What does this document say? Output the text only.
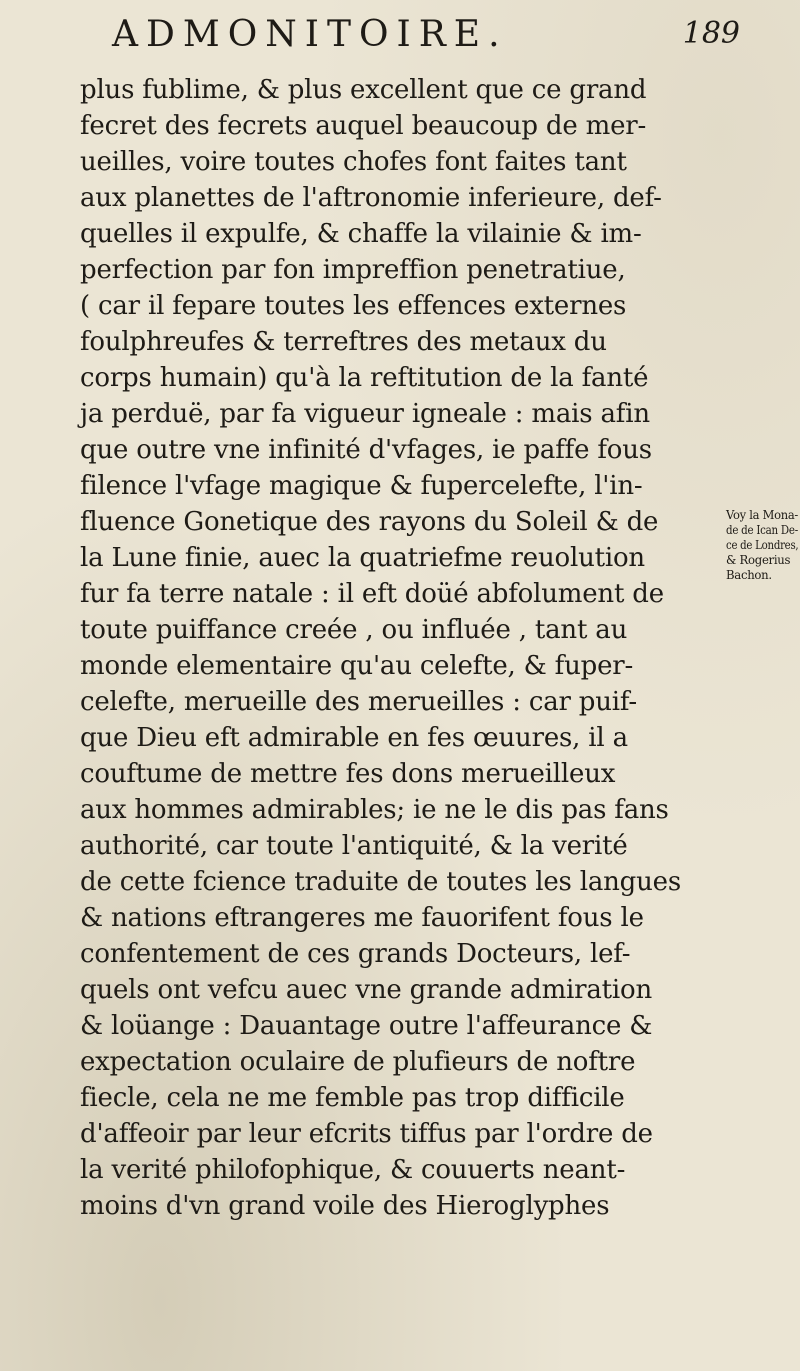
ADMONITOIRE.	189
plus fublime, & plus excellent que ce grand
fecret des fecrets auquel beaucoup de mer-
ueilles, voire toutes chofes font faites tant
aux planettes de l'aftronomie inferieure, def-
quelles il expulfe, & chaffe la vilainie & im-
perfection par fon impreffion penetratiue,
( car il fepare toutes les effences externes
foulphreufes & terreftres des metaux du
corps humain) qu'à la reftitution de la fanté
ja perduë, par fa vigueur igneale : mais afin
que outre vne infinité d'vfages, ie paffe fous
filence l'vfage magique & fupercelefte, l'in-
fluence Gonetique des rayons du Soleil & de
la Lune finie, auec la quatriefme reuolution
fur fa terre natale : il eft doüé abfolument de
toute puiffance creée , ou influée , tant au
monde elementaire qu'au celefte, & fuper-
celefte, merueille des merueilles : car puif-
que Dieu eft admirable en fes œuures, il a
couftume de mettre fes dons merueilleux
aux hommes admirables; ie ne le dis pas fans
authorité, car toute l'antiquité, & la verité
de cette fcience traduite de toutes les langues
& nations eftrangeres me fauorifent fous le
confentement de ces grands Docteurs, lef-
quels ont vefcu auec vne grande admiration
& loüange : Dauantage outre l'affeurance &
expectation oculaire de plufieurs de noftre
fiecle, cela ne me femble pas trop difficile
d'affeoir par leur efcrits tiffus par l'ordre de
la verité philofophique, & couuerts neant-
moins d'vn grand voile des Hieroglyphes
Voy la Mona-
de de Ican De-
ce de Londres,
& Rogerius
Bachon.
